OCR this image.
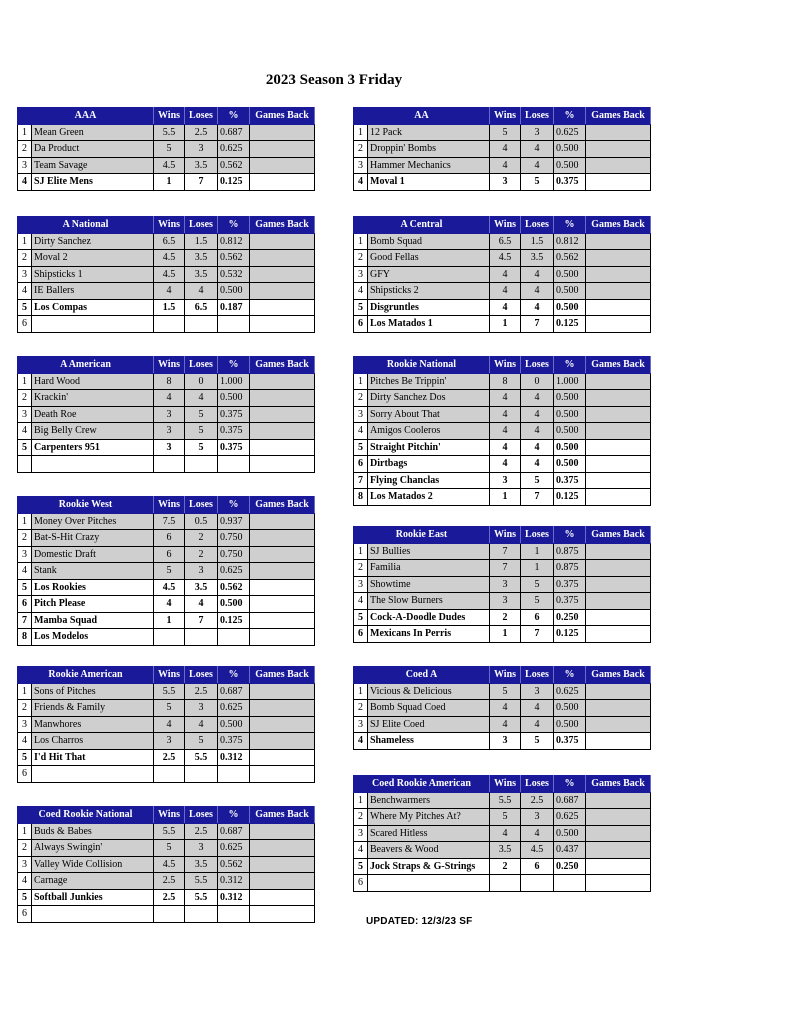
2023 Season 3 Friday
AAA		Wins	Loses	%	Games Back
1	Mean Green	5.5	2.5	0.687	
2	Da Product	5	3	0.625	
3	Team Savage	4.5	3.5	0.562	
4	SJ Elite Mens	1	7	0.125	
A National		Wins	Loses	%	Games Back
1	Dirty Sanchez	6.5	1.5	0.812	
2	Moval 2	4.5	3.5	0.562	
3	Shipsticks 1	4.5	3.5	0.532	
4	IE Ballers	4	4	0.500	
5	Los Compas	1.5	6.5	0.187	
6					
A American		Wins	Loses	%	Games Back
1	Hard Wood	8	0	1.000	
2	Krackin'	4	4	0.500	
3	Death Roe	3	5	0.375	
4	Big Belly Crew	3	5	0.375	
5	Carpenters 951	3	5	0.375	

Rookie West		Wins	Loses	%	Games Back
1	Money Over Pitches	7.5	0.5	0.937	
2	Bat-S-Hit Crazy	6	2	0.750	
3	Domestic Draft	6	2	0.750	
4	Stank	5	3	0.625	
5	Los Rookies	4.5	3.5	0.562	
6	Pitch Please	4	4	0.500	
7	Mamba Squad	1	7	0.125	
8	Los Modelos				
Rookie American		Wins	Loses	%	Games Back
1	Sons of Pitches	5.5	2.5	0.687	
2	Friends & Family	5	3	0.625	
3	Manwhores	4	4	0.500	
4	Los Charros	3	5	0.375	
5	I'd Hit That	2.5	5.5	0.312	
6					
Coed Rookie National		Wins	Loses	%	Games Back
1	Buds & Babes	5.5	2.5	0.687	
2	Always Swingin'	5	3	0.625	
3	Valley Wide Collision	4.5	3.5	0.562	
4	Carnage	2.5	5.5	0.312	
5	Softball Junkies	2.5	5.5	0.312	
6					
AA		Wins	Loses	%	Games Back
1	12 Pack	5	3	0.625	
2	Droppin' Bombs	4	4	0.500	
3	Hammer Mechanics	4	4	0.500	
4	Moval 1	3	5	0.375	
A Central		Wins	Loses	%	Games Back
1	Bomb Squad	6.5	1.5	0.812	
2	Good Fellas	4.5	3.5	0.562	
3	GFY	4	4	0.500	
4	Shipsticks 2	4	4	0.500	
5	Disgruntles	4	4	0.500	
6	Los Matados 1	1	7	0.125	
Rookie National		Wins	Loses	%	Games Back
1	Pitches Be Trippin'	8	0	1.000	
2	Dirty Sanchez Dos	4	4	0.500	
3	Sorry About That	4	4	0.500	
4	Amigos Cooleros	4	4	0.500	
5	Straight Pitchin'	4	4	0.500	
6	Dirtbags	4	4	0.500	
7	Flying Chanclas	3	5	0.375	
8	Los Matados 2	1	7	0.125	
Rookie East		Wins	Loses	%	Games Back
1	SJ Bullies	7	1	0.875	
2	Familia	7	1	0.875	
3	Showtime	3	5	0.375	
4	The Slow Burners	3	5	0.375	
5	Cock-A-Doodle Dudes	2	6	0.250	
6	Mexicans In Perris	1	7	0.125	
Coed A		Wins	Loses	%	Games Back
1	Vicious & Delicious	5	3	0.625	
2	Bomb Squad Coed	4	4	0.500	
3	SJ Elite Coed	4	4	0.500	
4	Shameless	3	5	0.375	
Coed Rookie American		Wins	Loses	%	Games Back
1	Benchwarmers	5.5	2.5	0.687	
2	Where My Pitches At?	5	3	0.625	
3	Scared Hitless	4	4	0.500	
4	Beavers & Wood	3.5	4.5	0.437	
5	Jock Straps & G-Strings	2	6	0.250	
6					
UPDATED: 12/3/23 SF
